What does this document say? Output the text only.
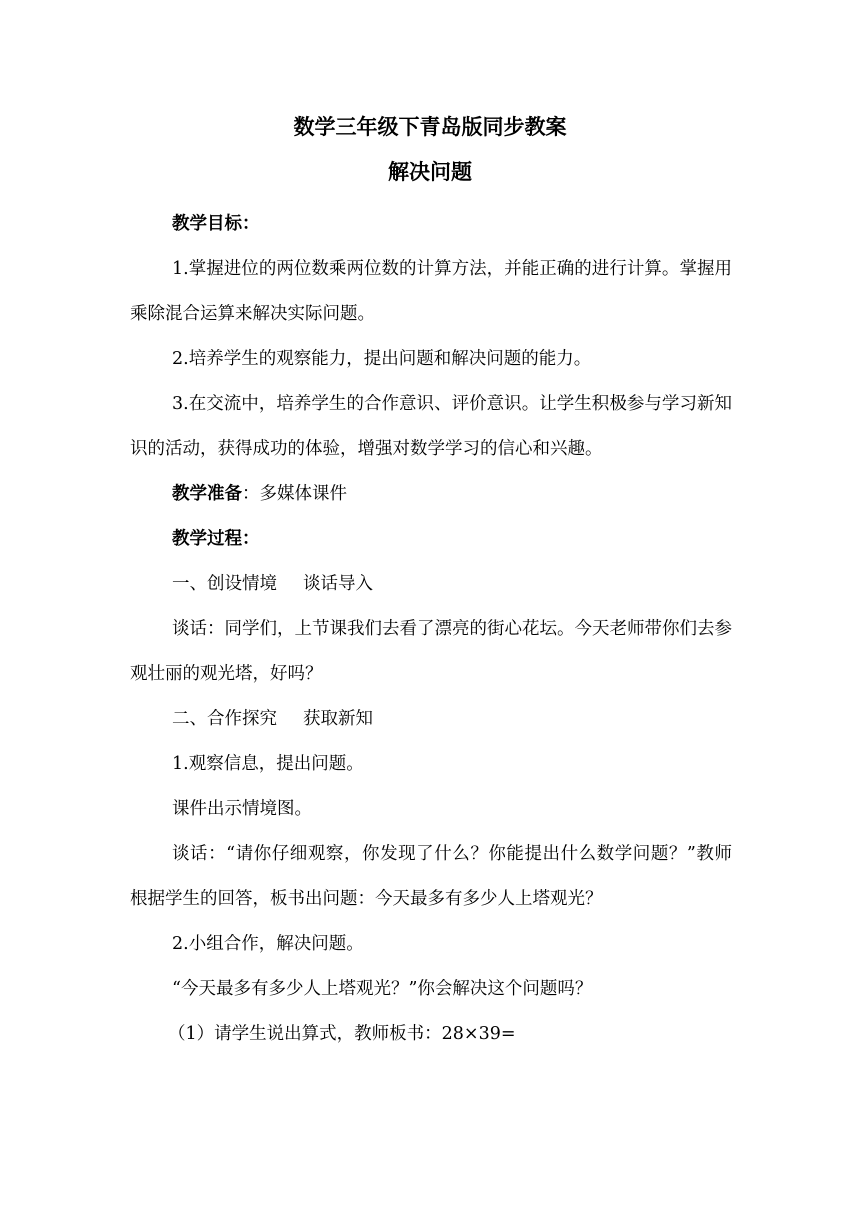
数学三年级下青岛版同步教案
解决问题

教学目标：

1.掌握进位的两位数乘两位数的计算方法，并能正确的进行计算。掌握用乘除混合运算来解决实际问题。

2.培养学生的观察能力，提出问题和解决问题的能力。

3.在交流中，培养学生的合作意识、评价意识。让学生积极参与学习新知识的活动，获得成功的体验，增强对数学学习的信心和兴趣。

教学准备：多媒体课件

教学过程：

一、创设情境 谈话导入

谈话：同学们，上节课我们去看了漂亮的街心花坛。今天老师带你们去参观壮丽的观光塔，好吗？

二、合作探究 获取新知

1.观察信息，提出问题。

课件出示情境图。

谈话：“请你仔细观察，你发现了什么？你能提出什么数学问题？”教师根据学生的回答，板书出问题：今天最多有多少人上塔观光？

2.小组合作，解决问题。

“今天最多有多少人上塔观光？”你会解决这个问题吗？

（1）请学生说出算式，教师板书：28×39=
